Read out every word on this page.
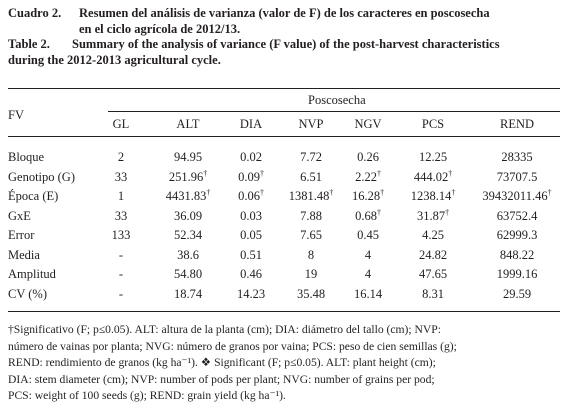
Cuadro 2. Resumen del análisis de varianza (valor de F) de los caracteres en poscosecha
en el ciclo agrícola de 2012/13.
Table 2. Summary of the analysis of variance (F value) of the post-harvest characteristics
during the 2012-2013 agricultural cycle.
FV
Poscosecha
GL	ALT	DIA	NVP	NGV	PCS	REND
Bloque	2	94.95	0.02	7.72	0.26	12.25	28335
Genotipo (G)	33	251.96†	0.09†	6.51	2.22†	444.02†	73707.5
Época (E)	1	4431.83†	0.06†	1381.48†	16.28†	1238.14†	39432011.46†
GxE	33	36.09	0.03	7.88	0.68†	31.87†	63752.4
Error	133	52.34	0.05	7.65	0.45	4.25	62999.3
Media	-	38.6	0.51	8	4	24.82	848.22
Amplitud	-	54.80	0.46	19	4	47.65	1999.16
CV (%)	-	18.74	14.23	35.48	16.14	8.31	29.59
†Significativo (F; p≤0.05). ALT: altura de la planta (cm); DIA: diámetro del tallo (cm); NVP:
número de vainas por planta; NVG: número de granos por vaina; PCS: peso de cien semillas (g);
REND: rendimiento de granos (kg ha⁻¹). ❖ Significant (F; p≤0.05). ALT: plant height (cm);
DIA: stem diameter (cm); NVP: number of pods per plant; NVG: number of grains per pod;
PCS: weight of 100 seeds (g); REND: grain yield (kg ha⁻¹).
